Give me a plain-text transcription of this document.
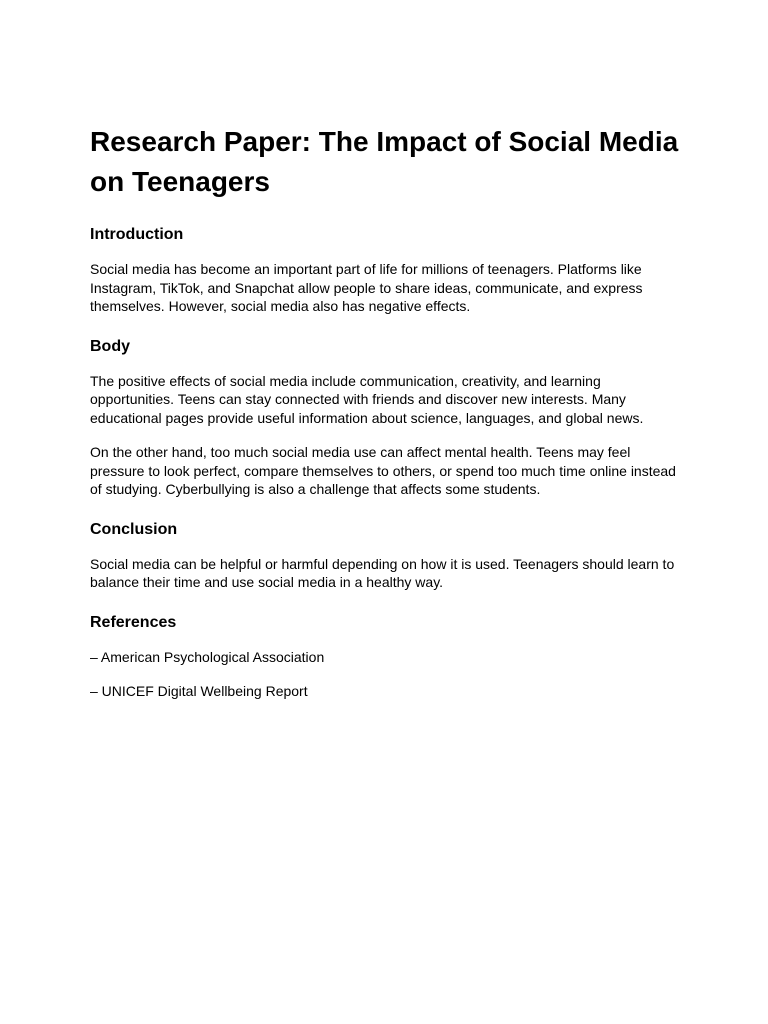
Research Paper: The Impact of Social Media on Teenagers
Introduction

Social media has become an important part of life for millions of teenagers. Platforms like Instagram, TikTok, and Snapchat allow people to share ideas, communicate, and express themselves. However, social media also has negative effects.

Body

The positive effects of social media include communication, creativity, and learning opportunities. Teens can stay connected with friends and discover new interests. Many educational pages provide useful information about science, languages, and global news.

On the other hand, too much social media use can affect mental health. Teens may feel pressure to look perfect, compare themselves to others, or spend too much time online instead of studying. Cyberbullying is also a challenge that affects some students.

Conclusion

Social media can be helpful or harmful depending on how it is used. Teenagers should learn to balance their time and use social media in a healthy way.

References

– American Psychological Association

– UNICEF Digital Wellbeing Report
